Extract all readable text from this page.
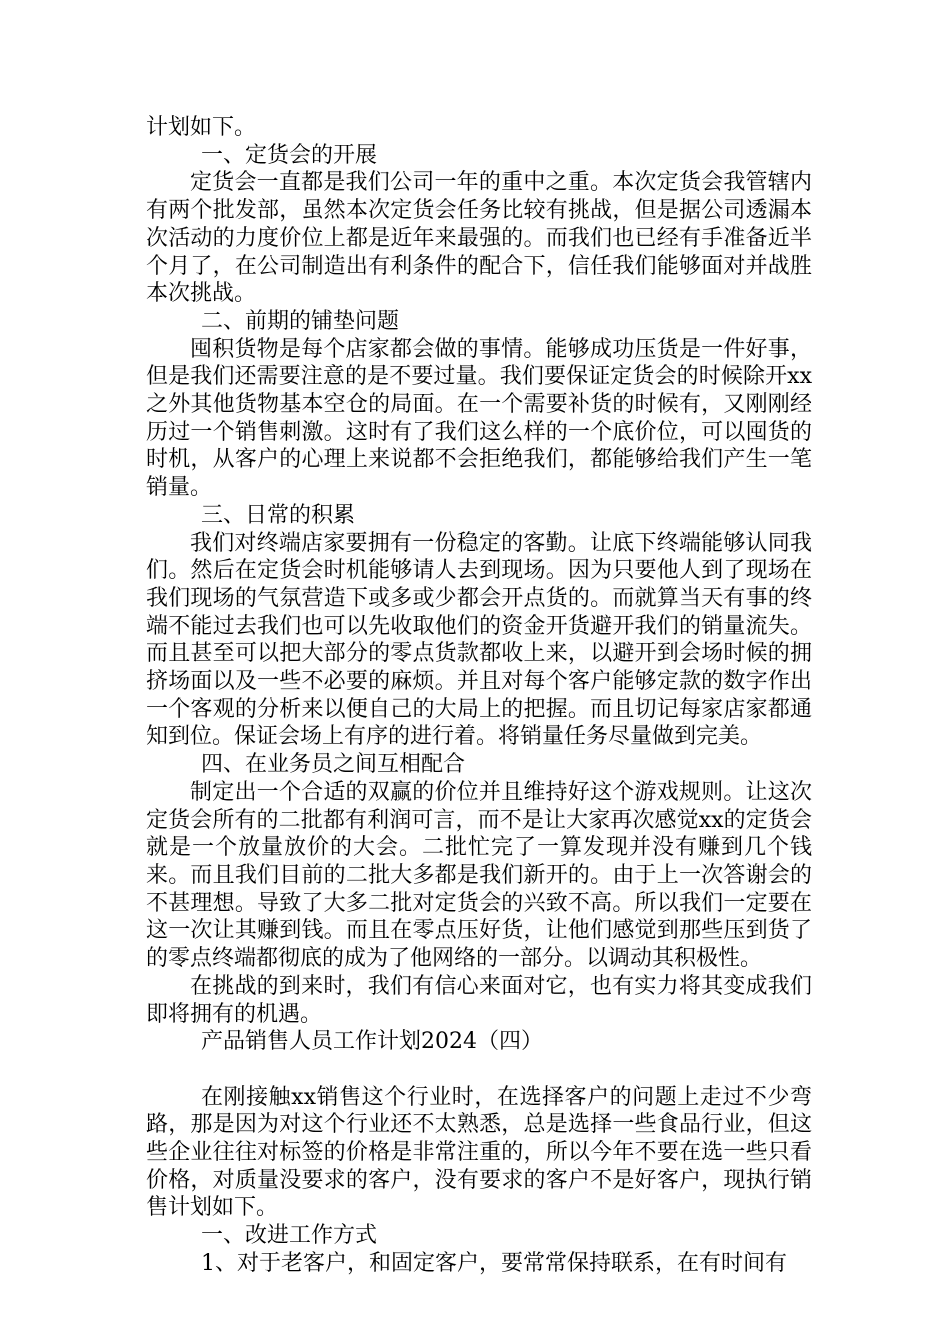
计划如下。

一、定货会的开展

定货会一直都是我们公司一年的重中之重。本次定货会我管辖内有两个批发部，虽然本次定货会任务比较有挑战，但是据公司透漏本次活动的力度价位上都是近年来最强的。而我们也已经有手准备近半个月了，在公司制造出有利条件的配合下，信任我们能够面对并战胜本次挑战。

二、前期的铺垫问题

囤积货物是每个店家都会做的事情。能够成功压货是一件好事，但是我们还需要注意的是不要过量。我们要保证定货会的时候除开xx之外其他货物基本空仓的局面。在一个需要补货的时候有，又刚刚经历过一个销售刺激。这时有了我们这么样的一个底价位，可以囤货的时机，从客户的心理上来说都不会拒绝我们，都能够给我们产生一笔销量。

三、日常的积累

我们对终端店家要拥有一份稳定的客勤。让底下终端能够认同我们。然后在定货会时机能够请人去到现场。因为只要他人到了现场在我们现场的气氛营造下或多或少都会开点货的。而就算当天有事的终端不能过去我们也可以先收取他们的资金开货避开我们的销量流失。而且甚至可以把大部分的零点货款都收上来，以避开到会场时候的拥挤场面以及一些不必要的麻烦。并且对每个客户能够定款的数字作出一个客观的分析来以便自己的大局上的把握。而且切记每家店家都通知到位。保证会场上有序的进行着。将销量任务尽量做到完美。

四、在业务员之间互相配合

制定出一个合适的双赢的价位并且维持好这个游戏规则。让这次定货会所有的二批都有利润可言，而不是让大家再次感觉xx的定货会就是一个放量放价的大会。二批忙完了一算发现并没有赚到几个钱来。而且我们目前的二批大多都是我们新开的。由于上一次答谢会的不甚理想。导致了大多二批对定货会的兴致不高。所以我们一定要在这一次让其赚到钱。而且在零点压好货，让他们感觉到那些压到货了的零点终端都彻底的成为了他网络的一部分。以调动其积极性。

在挑战的到来时，我们有信心来面对它，也有实力将其变成我们即将拥有的机遇。

产品销售人员工作计划2024（四）

在刚接触xx销售这个行业时，在选择客户的问题上走过不少弯路，那是因为对这个行业还不太熟悉，总是选择一些食品行业，但这些企业往往对标签的价格是非常注重的，所以今年不要在选一些只看价格，对质量没要求的客户，没有要求的客户不是好客户，现执行销售计划如下。

一、改进工作方式

1、对于老客户，和固定客户，要常常保持联系，在有时间有
